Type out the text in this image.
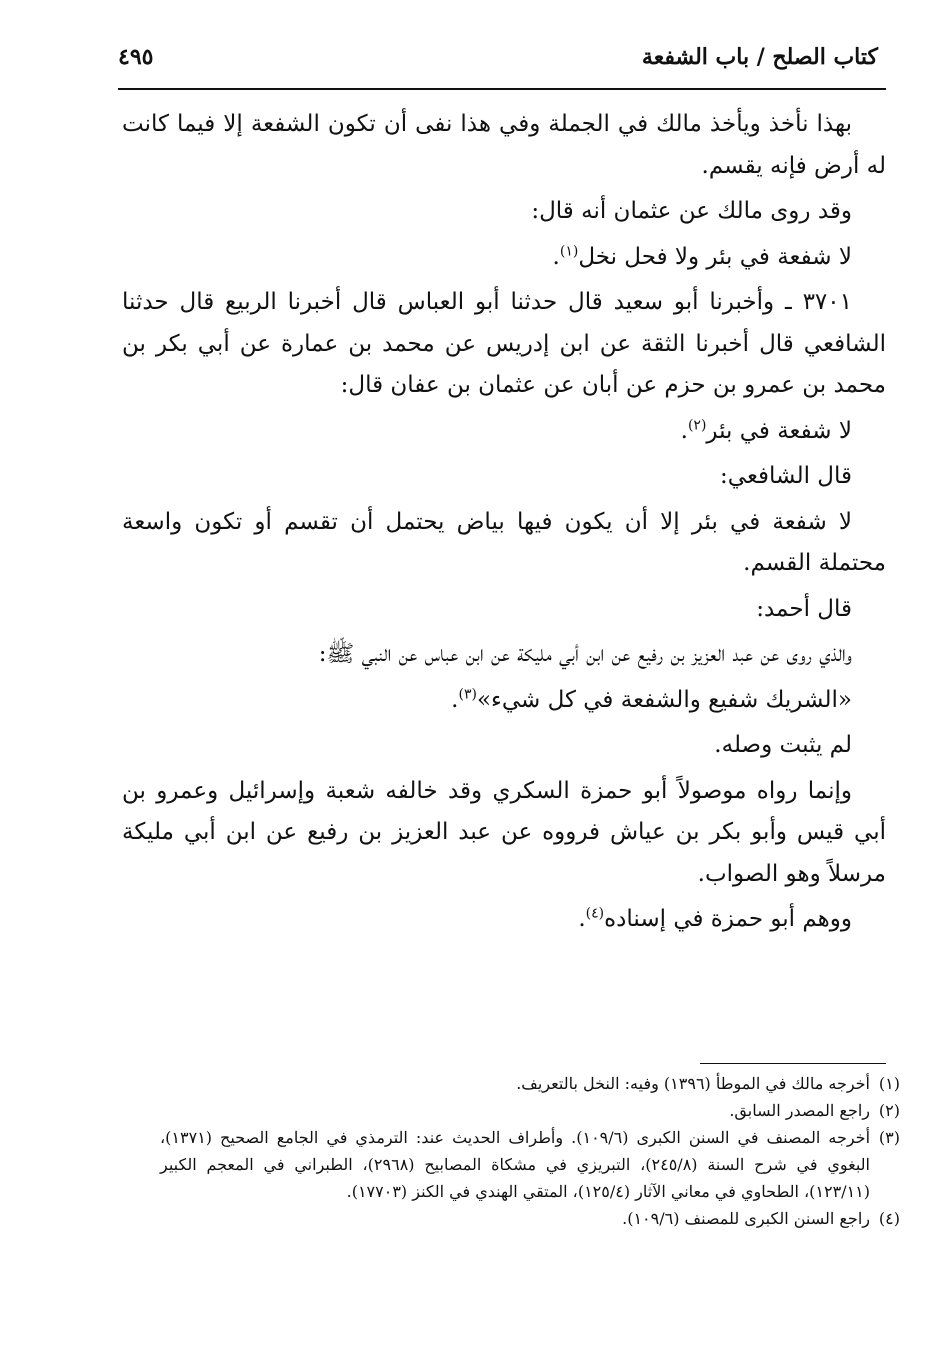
كتاب الصلح / باب الشفعة
٤٩٥

بهذا نأخذ ويأخذ مالك في الجملة وفي هذا نفى أن تكون الشفعة إلا فيما كانت له أرض فإنه يقسم.

وقد روى مالك عن عثمان أنه قال:

لا شفعة في بئر ولا فحل نخل$^{(١)}$.

٣٧٠١ ـ وأخبرنا أبو سعيد قال حدثنا أبو العباس قال أخبرنا الربيع قال حدثنا الشافعي قال أخبرنا الثقة عن ابن إدريس عن محمد بن عمارة عن أبي بكر بن محمد بن عمرو بن حزم عن أبان عن عثمان بن عفان قال:

لا شفعة في بئر$^{(٢)}$.

قال الشافعي:

لا شفعة في بئر إلا أن يكون فيها بياض يحتمل أن تقسم أو تكون واسعة محتملة القسم.

قال أحمد:

والذي روى عن عبد العزيز بن رفيع عن ابن أبي مليكة عن ابن عباس عن النبي ﷺ:

«الشريك شفيع والشفعة في كل شيء»$^{(٣)}$.

لم يثبت وصله.

وإنما رواه موصولاً أبو حمزة السكري وقد خالفه شعبة وإسرائيل وعمرو بن أبي قيس وأبو بكر بن عياش فرووه عن عبد العزيز بن رفيع عن ابن أبي مليكة مرسلاً وهو الصواب.

ووهم أبو حمزة في إسناده$^{(٤)}$.

(١)
أخرجه مالك في الموطأ (١٣٩٦) وفيه: النخل بالتعريف.

(٢)
راجع المصدر السابق.

(٣)
أخرجه المصنف في السنن الكبرى (١٠٩/٦). وأطراف الحديث عند: الترمذي في الجامع الصحيح (١٣٧١)، البغوي في شرح السنة (٢٤٥/٨)، التبريزي في مشكاة المصابيح (٢٩٦٨)، الطبراني في المعجم الكبير (١٢٣/١١)، الطحاوي في معاني الآثار (١٢٥/٤)، المتقي الهندي في الكنز (١٧٧٠٣).

(٤)
راجع السنن الكبرى للمصنف (١٠٩/٦).
